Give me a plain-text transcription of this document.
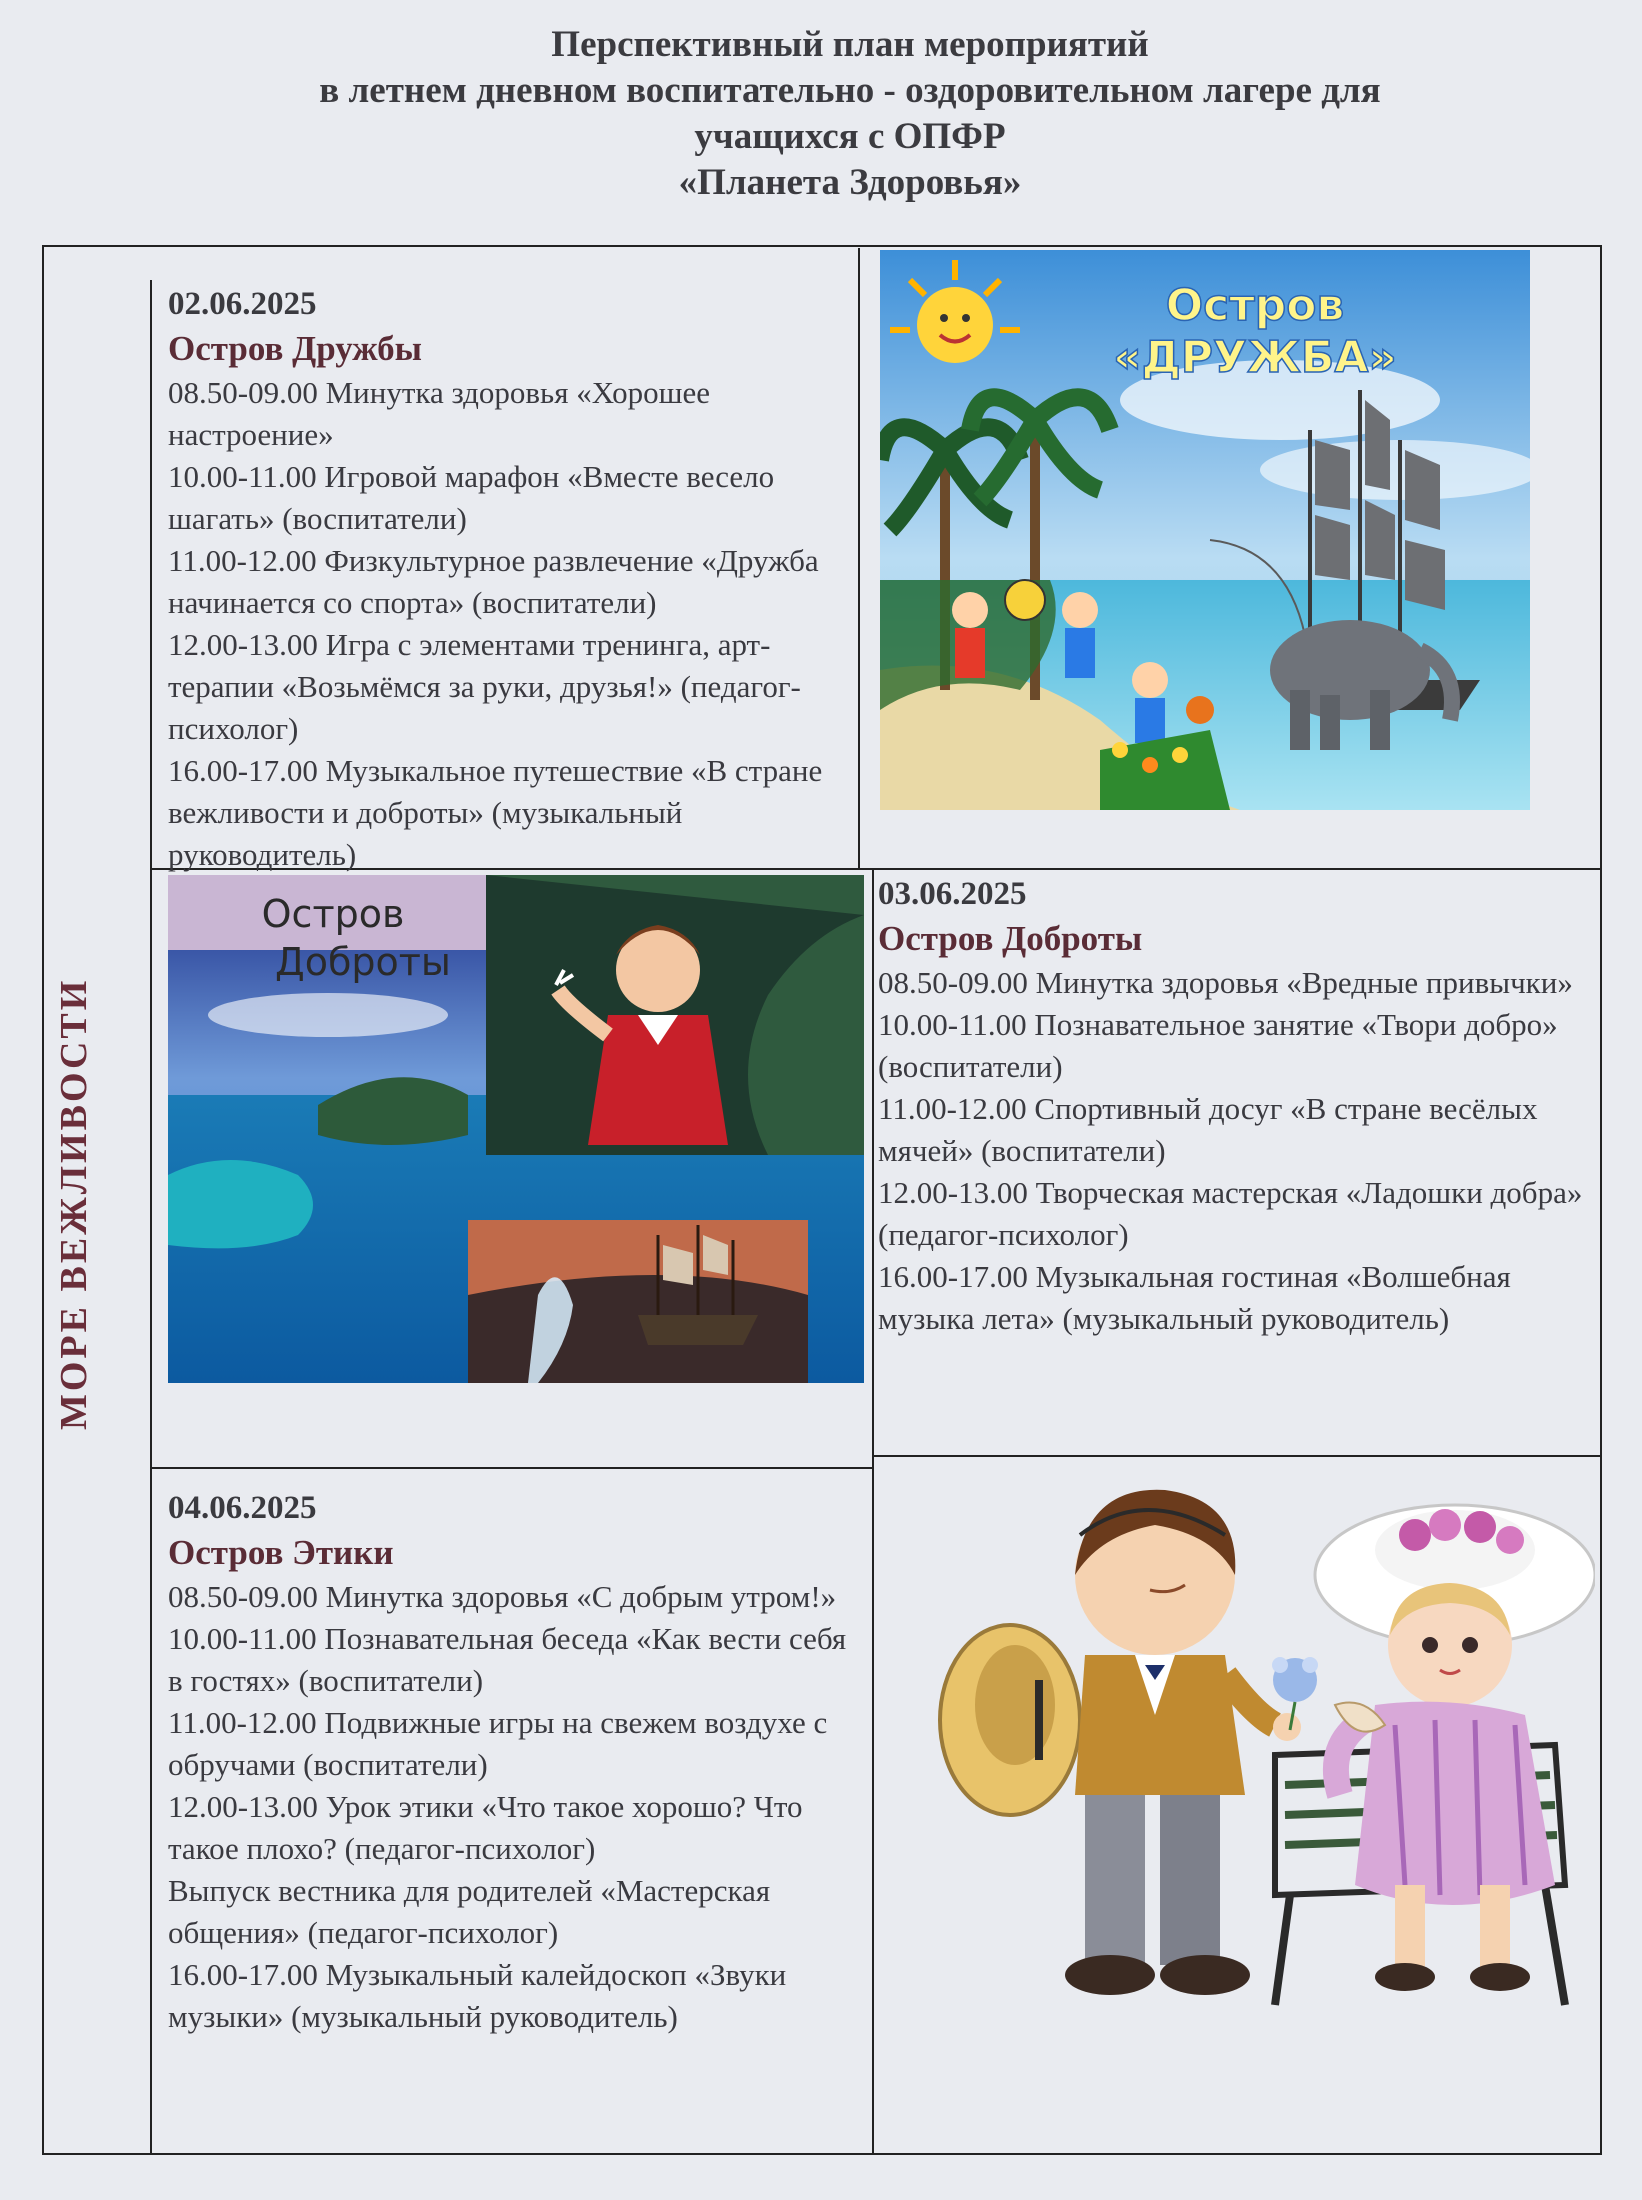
Перспективный план мероприятий
в летнем дневном воспитательно - оздоровительном лагере для
учащихся с ОПФР
«Планета Здоровья»
МОРЕ ВЕЖЛИВОСТИ
02.06.2025
Остров Дружбы

08.50-09.00 Минутка здоровья «Хорошее настроение»

10.00-11.00 Игровой марафон «Вместе весело шагать» (воспитатели)

11.00-12.00 Физкультурное развлечение «Дружба начинается со спорта» (воспитатели)

12.00-13.00 Игра с элементами тренинга, арт-терапии «Возьмёмся за руки, друзья!» (педагог-психолог)

16.00-17.00 Музыкальное путешествие «В стране вежливости и доброты» (музыкальный руководитель)

Остров
«ДРУЖБА»
Остров
Доброты
03.06.2025
Остров Доброты

08.50-09.00 Минутка здоровья «Вредные привычки»

10.00-11.00 Познавательное занятие «Твори добро» (воспитатели)

11.00-12.00 Спортивный досуг «В стране весёлых мячей» (воспитатели)

12.00-13.00 Творческая мастерская «Ладошки добра» (педагог-психолог)

16.00-17.00 Музыкальная гостиная «Волшебная музыка лета» (музыкальный руководитель)

04.06.2025
Остров Этики

08.50-09.00 Минутка здоровья «С добрым утром!»

10.00-11.00 Познавательная беседа «Как вести себя в гостях» (воспитатели)

11.00-12.00 Подвижные игры на свежем воздухе с обручами (воспитатели)

12.00-13.00 Урок этики «Что такое хорошо? Что такое плохо? (педагог-психолог)

Выпуск вестника для родителей «Мастерская общения» (педагог-психолог)

16.00-17.00 Музыкальный калейдоскоп «Звуки музыки» (музыкальный руководитель)
